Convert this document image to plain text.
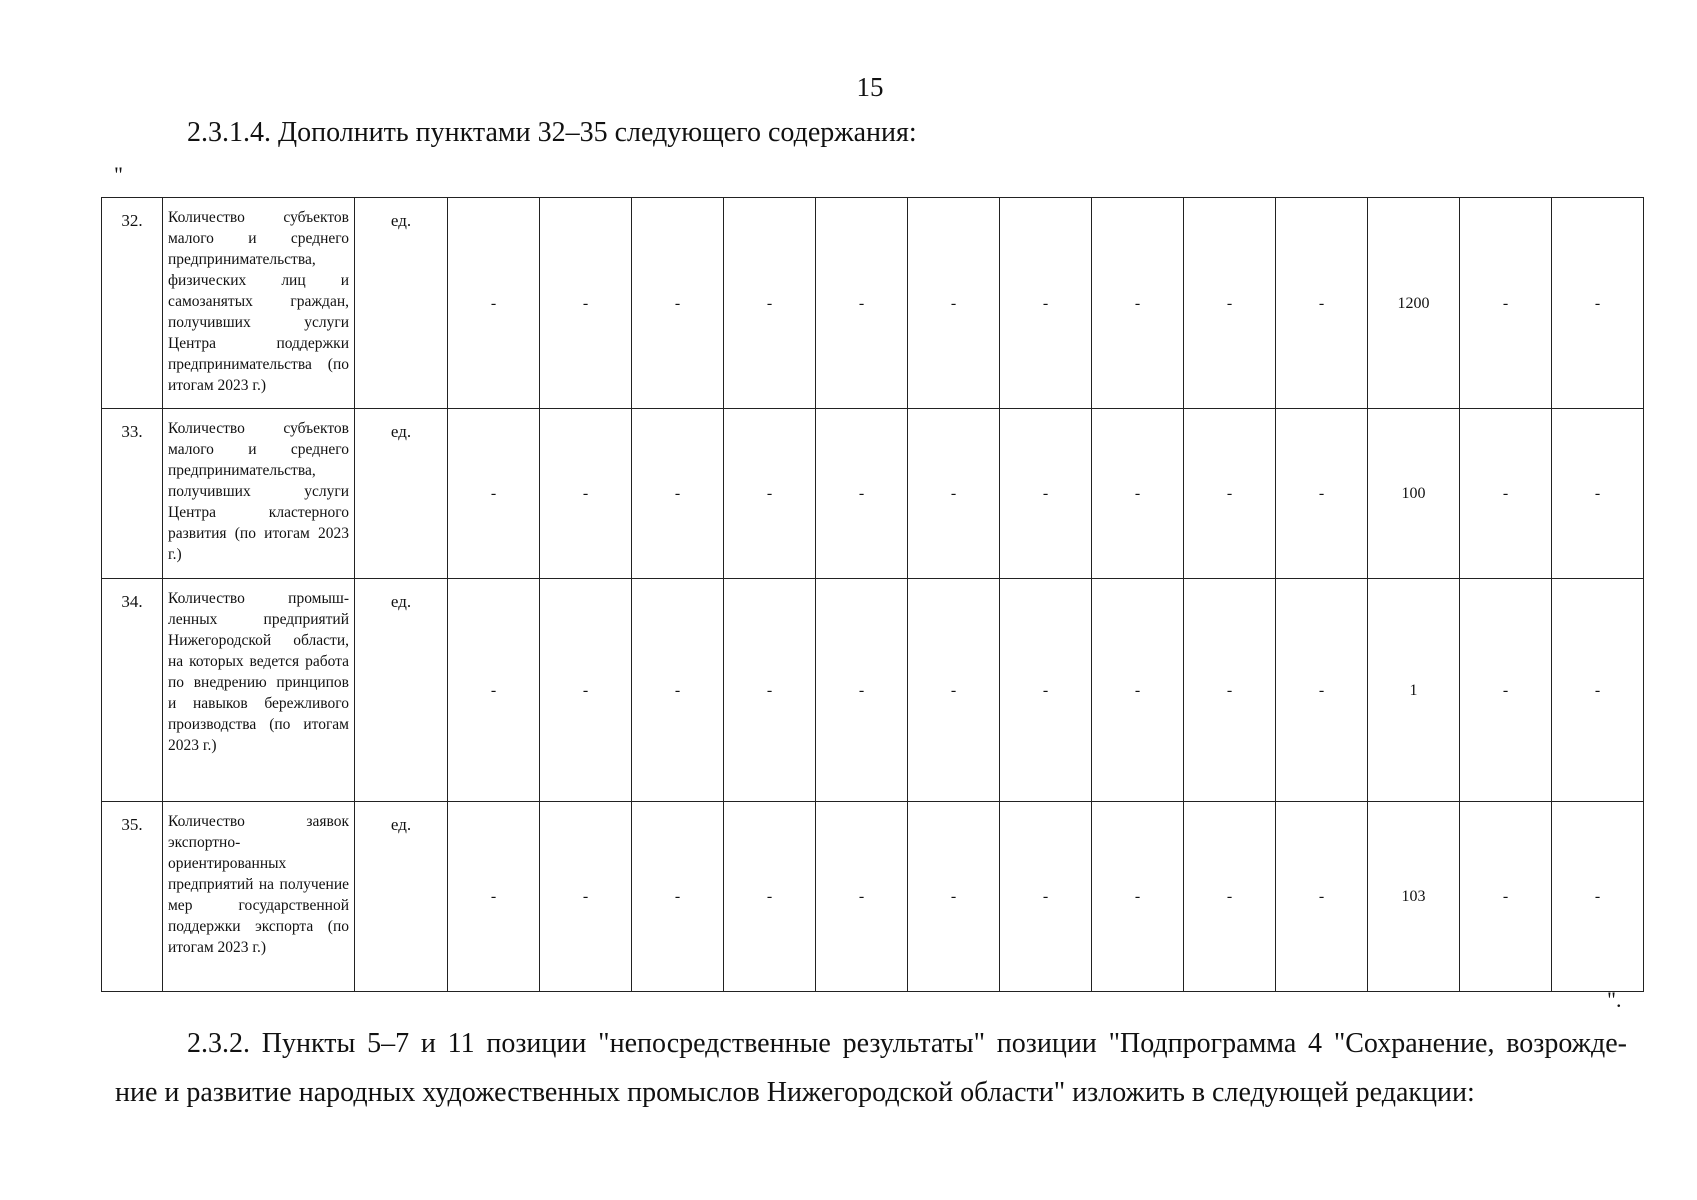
15
2.3.1.4. Дополнить пунктами 32–35 следующего содержания:
"
32.	Количество субъектов малого и среднего предпринимательства, физических лиц и самозанятых граждан, получивших услуги Центра поддержки предпринимательства (по итогам 2023 г.)	ед.	-	-	-	-	-	-	-	-	-	-	1200	-	-
33.	Количество субъектов малого и среднего предпринимательства, получивших услуги Центра кластерного развития (по итогам 2023 г.)	ед.	-	-	-	-	-	-	-	-	-	-	100	-	-
34.	Количество промышленных предприятий Нижегородской области, на которых ведется работа по внедрению принципов и навыков бережливого производства (по итогам 2023 г.)	ед.	-	-	-	-	-	-	-	-	-	-	1	-	-
35.	Количество заявок экспортно-ориентированных предприятий на получение мер государственной поддержки экспорта (по итогам 2023 г.)	ед.	-	-	-	-	-	-	-	-	-	-	103	-	-
".
2.3.2. Пункты 5–7 и 11 позиции "непосредственные результаты" позиции "Подпрограмма 4 "Сохранение, возрожде-
ние и развитие народных художественных промыслов Нижегородской области" изложить в следующей редакции:
